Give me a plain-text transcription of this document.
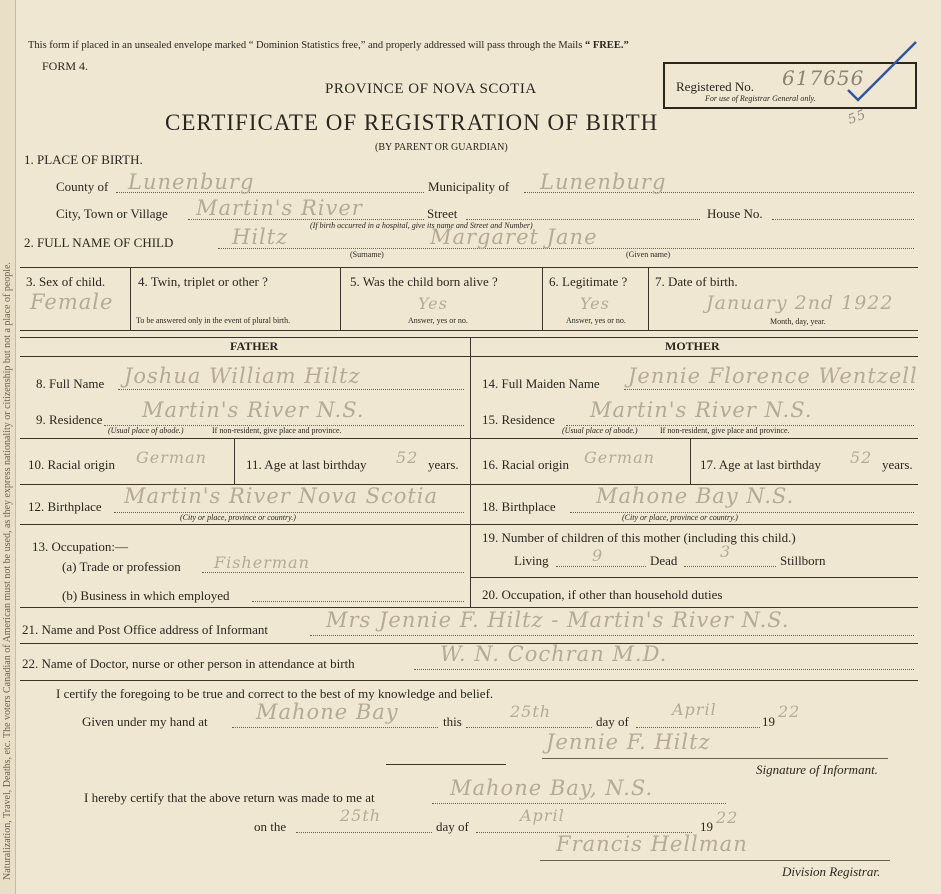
Naturalization, Travel, Deaths, etc. The voters Canadian of American must not be used, as they express nationality or citizenship but not a place of people.
This form if placed in an unsealed envelope marked “ Dominion Statistics free,” and properly addressed will pass through the Mails “ FREE.”
FORM 4.
PROVINCE OF NOVA SCOTIA
CERTIFICATE OF REGISTRATION OF BIRTH
(BY PARENT OR GUARDIAN)
Registered No. 617656
For use of Registrar General only.
55
1. PLACE OF BIRTH.
County of Lunenburg	Municipality of Lunenburg
City, Town or Village Martin's River
(If birth occurred in a hospital, give its name and Street and Number)
Street	House No.
2. FULL NAME OF CHILD	Hiltz	Margaret Jane
(Surname)	(Given name)
3. Sex of child.
Female
4. Twin, triplet or other ?
To be answered only in the event of plural birth.
5. Was the child born alive ?
Yes
Answer, yes or no.
6. Legitimate ?
Yes
Answer, yes or no.
7. Date of birth.
January 2nd 1922
Month, day, year.
FATHER	MOTHER
8. Full Name Joshua William Hiltz	14. Full Maiden Name Jennie Florence Wentzell
9. Residence Martin's River N.S.
(Usual place of abode.)	If non-resident, give place and province.
15. Residence Martin's River N.S.
(Usual place of abode.)	If non-resident, give place and province.
10. Racial origin German	11. Age at last birthday 52 years. 16. Racial origin German	17. Age at last birthday 52 years.
12. Birthplace Martin's River Nova Scotia
(City or place, province or country.)
18. Birthplace Mahone Bay N.S.
(City or place, province or country.)
13. Occupation:—
(a) Trade or profession Fisherman
(b) Business in which employed
19. Number of children of this mother (including this child.)
Living	9	Dead	3	Stillborn
20. Occupation, if other than household duties
21. Name and Post Office address of Informant	Mrs Jennie F. Hiltz - Martin's River N.S.
22. Name of Doctor, nurse or other person in attendance at birth	W. N. Cochran M.D.
I certify the foregoing to be true and correct to the best of my knowledge and belief.
Given under my hand at Mahone Bay	this
25th
day of
April
19
22
Jennie F. Hiltz
Signature of Informant.
I hereby certify that the above return was made to me at	Mahone Bay, N.S.
on the
25th
day of
April
19 22
Francis Hellman
Division Registrar.
